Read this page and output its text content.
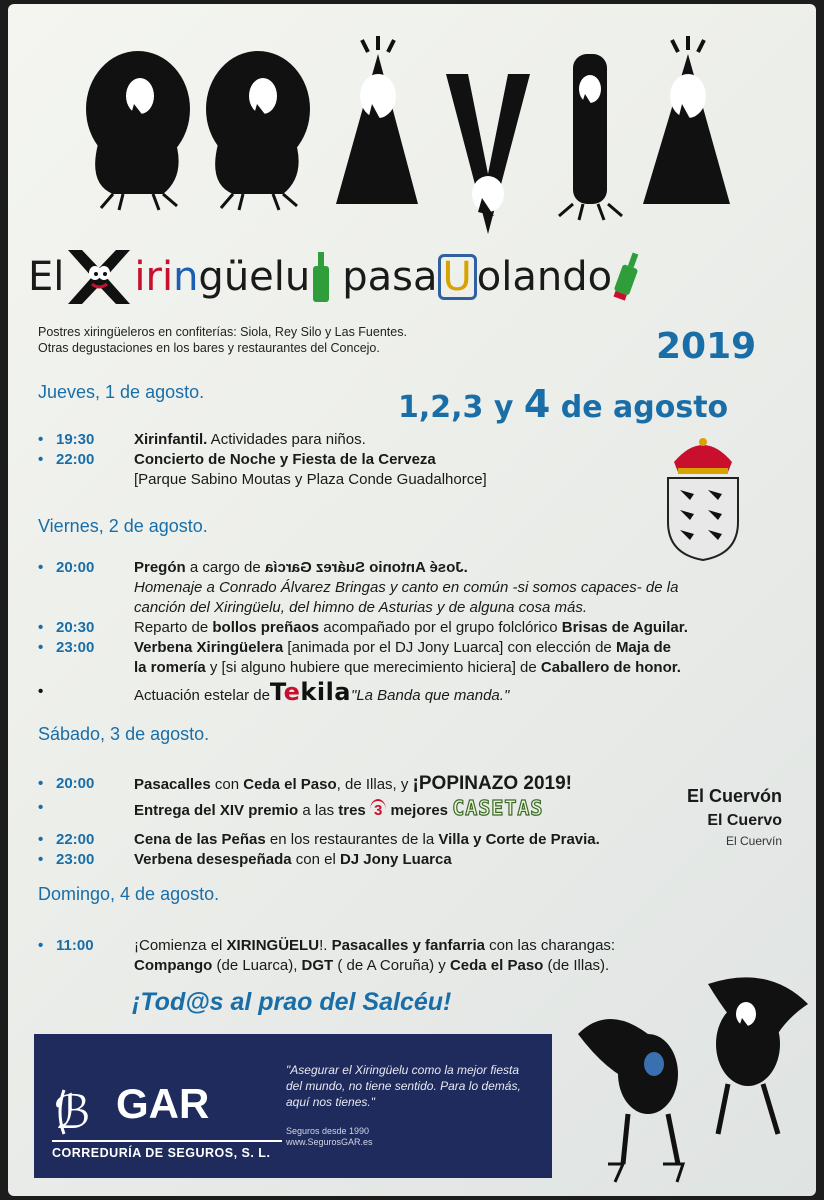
El iri n güelu pasa U olando
Postres xiringüeleros en confiterías: Siola, Rey Silo y Las Fuentes.
Otras degustaciones en los bares y restaurantes del Concejo.	2019
1,2,3 y 4 de agosto
Jueves, 1 de agosto.
• 19:30	Xirinfantil. Actividades para niños.
• 22:00	Concierto de Noche y Fiesta de la Cerveza
[Parque Sabino Moutas y Plaza Conde Guadalhorce]
Viernes, 2 de agosto.
• 20:00	Pregón a cargo de José Antonio Suárez García.
Homenaje a Conrado Álvarez Bringas y canto en común -si somos capaces- de la
canción del Xiringüelu, del himno de Asturias y de alguna cosa más.
• 20:30	Reparto de bollos preñaos acompañado por el grupo folclórico Brisas de Aguilar.
• 23:00	Verbena Xiringüelera [animada por el DJ Jony Luarca] con elección de Maja de
la romería y [si alguno hubiere que merecimiento hiciera] de Caballero de honor.
•	Actuación estelar deTekila"La Banda que manda."
Sábado, 3 de agosto.
• 20:00	Pasacalles con Ceda el Paso, de Illas, y ¡POPINAZO 2019!
•	Entrega del XIV premio a las tres 3 mejores CASETAS
• 22:00	Cena de las Peñas en los restaurantes de la Villa y Corte de Pravia.
• 23:00	Verbena desespeñada con el DJ Jony Luarca
El Cuervón
El Cuervo
El Cuervín
Domingo, 4 de agosto.
• 11:00	¡Comienza el XIRINGÜELU!. Pasacalles y fanfarria con las charangas:
Compango (de Luarca), DGT ( de A Coruña) y Ceda el Paso (de Illas).
¡Tod@s al prao del Salcéu!
ℬ GAR
CORREDURÍA DE SEGUROS, S. L.
"Asegurar el Xiringüelu como la mejor fiesta del mundo, no tiene sentido. Para lo demás, aquí nos tienes."
Seguros desde 1990
www.SegurosGAR.es
